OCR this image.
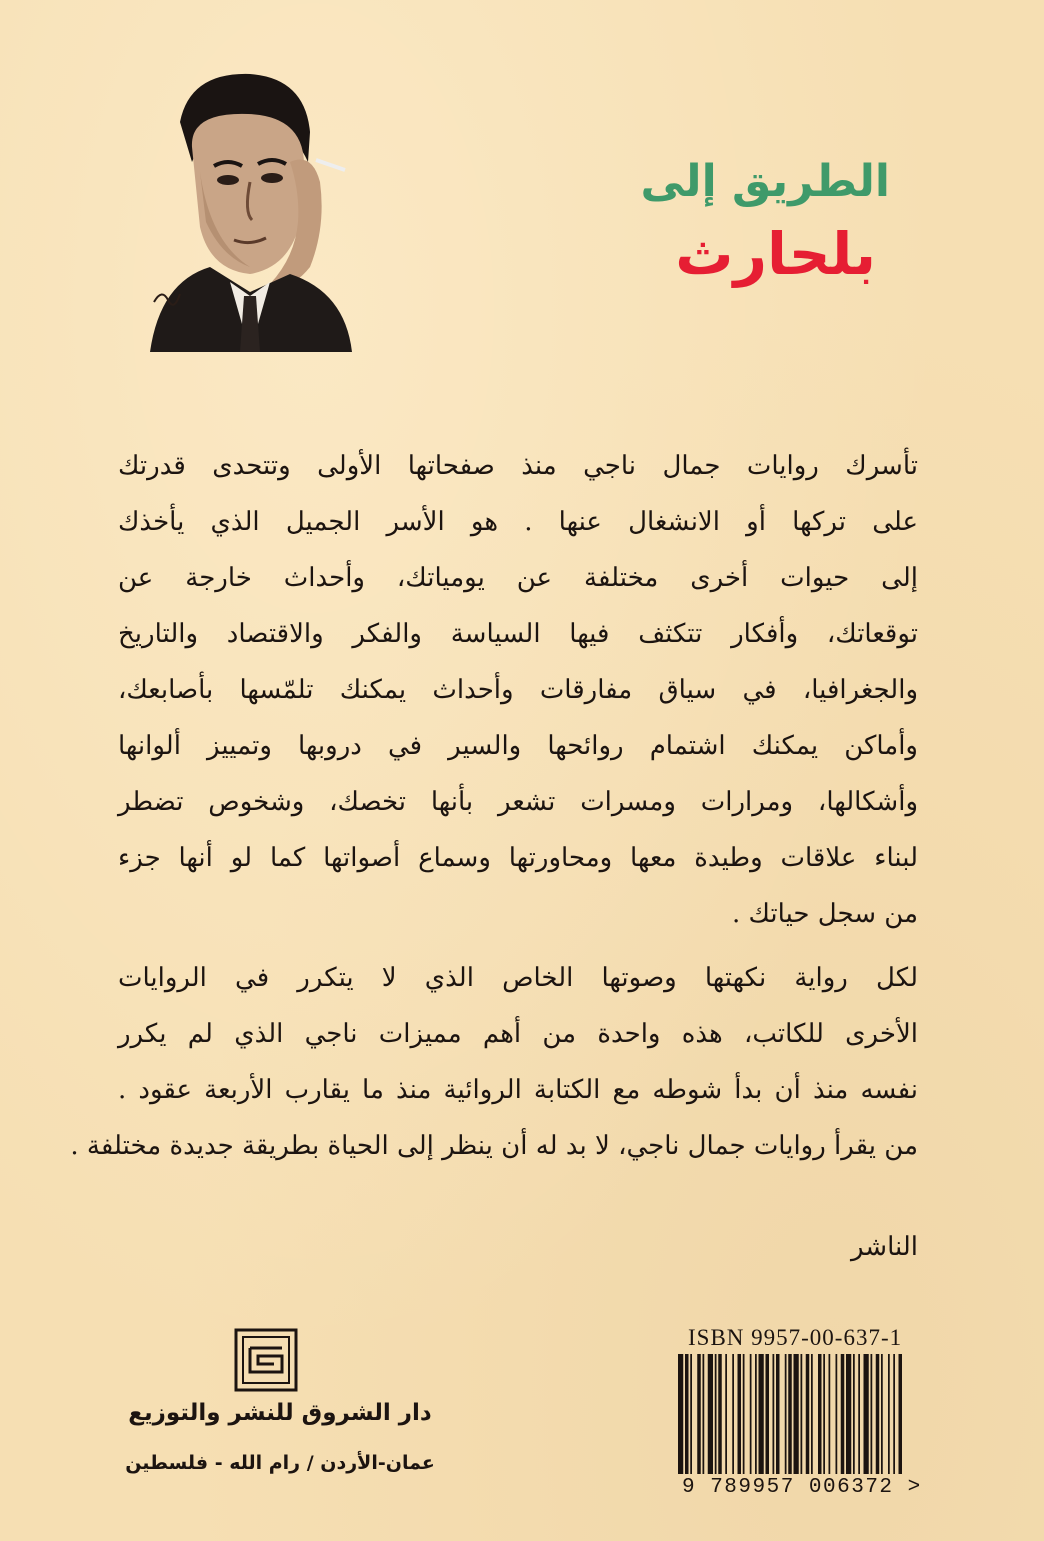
الطريق إلى
بلحارث
تأسرك روايات جمال ناجي منذ صفحاتها الأولى وتتحدى قدرتك
على تركها أو الانشغال عنها . هو الأسر الجميل الذي يأخذك
إلى حيوات أخرى مختلفة عن يومياتك، وأحداث خارجة عن
توقعاتك، وأفكار تتكثف فيها السياسة والفكر والاقتصاد والتاريخ
والجغرافيا، في سياق مفارقات وأحداث يمكنك تلمّسها بأصابعك،
وأماكن يمكنك اشتمام روائحها والسير في دروبها وتمييز ألوانها
وأشكالها، ومرارات ومسرات تشعر بأنها تخصك، وشخوص تضطر
لبناء علاقات وطيدة معها ومحاورتها وسماع أصواتها كما لو أنها جزء
من سجل حياتك .
لكل رواية نكهتها وصوتها الخاص الذي لا يتكرر في الروايات
الأخرى للكاتب، هذه واحدة من أهم مميزات ناجي الذي لم يكرر
نفسه منذ أن بدأ شوطه مع الكتابة الروائية منذ ما يقارب الأربعة عقود .
من يقرأ روايات جمال ناجي، لا بد له أن ينظر إلى الحياة بطريقة جديدة مختلفة .
الناشر
دار الشروق للنشر والتوزيع
عمان-الأردن / رام الله - فلسطين
ISBN 9957-00-637-1
9 789957 006372 >
